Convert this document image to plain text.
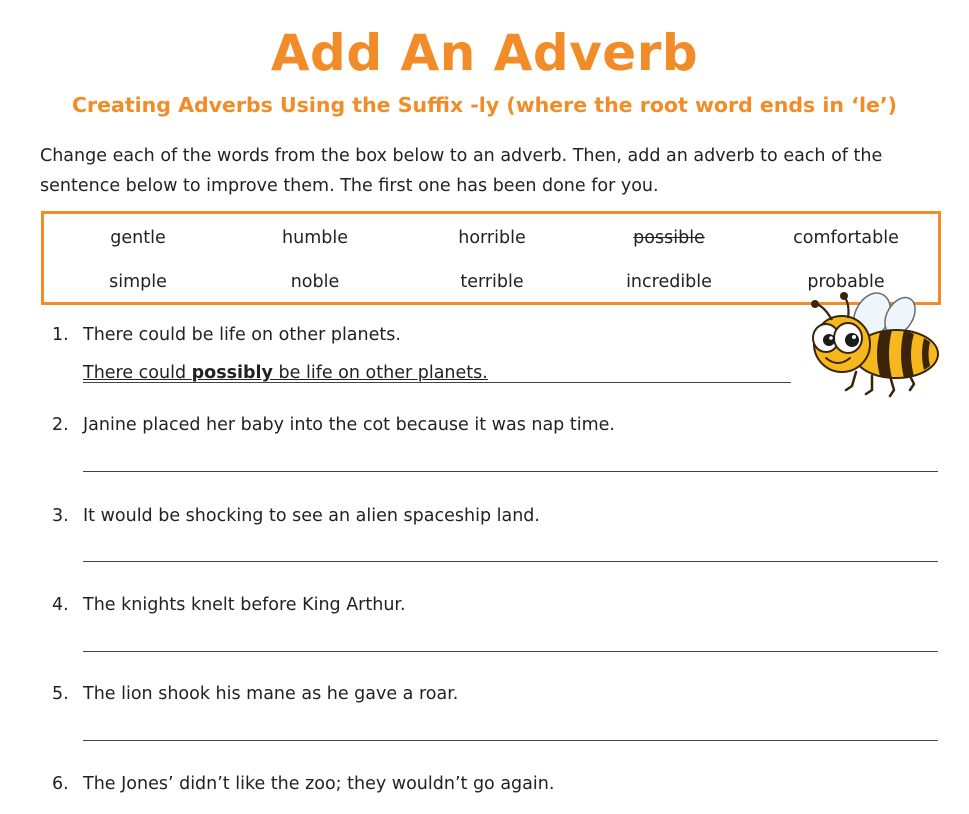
Add An Adverb
Creating Adverbs Using the Suffix -ly (where the root word ends in ‘le’)
Change each of the words from the box below to an adverb. Then, add an adverb to each of the
sentence below to improve them. The first one has been done for you.
gentle	humble	horrible	possible	comfortable
simple	noble	terrible	incredible	probable
1. There could be life on other planets.
There could possibly be life on other planets.
2. Janine placed her baby into the cot because it was nap time.
3. It would be shocking to see an alien spaceship land.
4. The knights knelt before King Arthur.
5. The lion shook his mane as he gave a roar.
6. The Jones’ didn’t like the zoo; they wouldn’t go again.
